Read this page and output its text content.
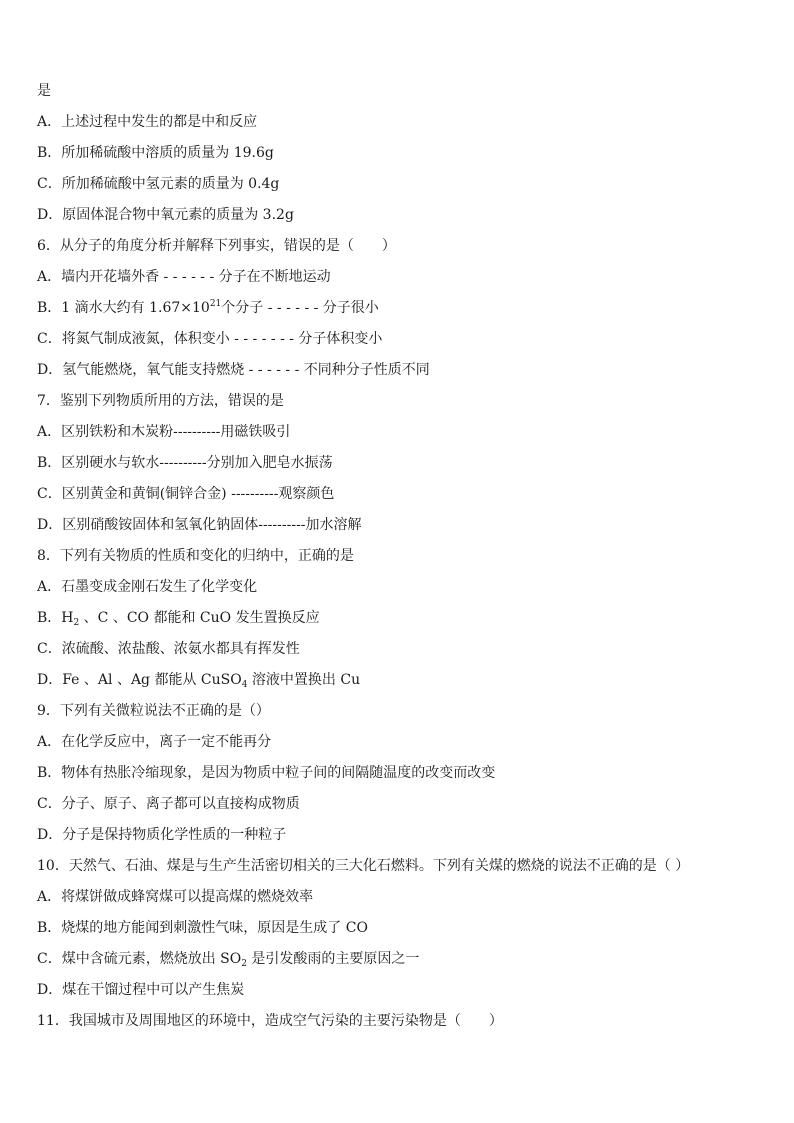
是
A．上述过程中发生的都是中和反应
B．所加稀硫酸中溶质的质量为 19.6g
C．所加稀硫酸中氢元素的质量为 0.4g
D．原固体混合物中氧元素的质量为 3.2g
6．从分子的角度分析并解释下列事实，错误的是（　　）
A．墙内开花墙外香 - - - - - - 分子在不断地运动
B．1 滴水大约有 $1.67\times 10^{21}$个分子 - - - - - - 分子很小
C．将氮气制成液氮，体积变小 - - - - - - - 分子体积变小
D．氢气能燃烧，氧气能支持燃烧 - - - - - - 不同种分子性质不同
7．鉴别下列物质所用的方法，错误的是
A．区别铁粉和木炭粉----------用磁铁吸引
B．区别硬水与软水----------分别加入肥皂水振荡
C．区别黄金和黄铜(铜锌合金) ----------观察颜色
D．区别硝酸铵固体和氢氧化钠固体----------加水溶解
8．下列有关物质的性质和变化的归纳中，正确的是
A．石墨变成金刚石发生了化学变化
B．$H_2$ 、C 、CO 都能和 CuO 发生置换反应
C．浓硫酸、浓盐酸、浓氨水都具有挥发性
D．Fe 、Al 、Ag 都能从 CuSO$_4$ 溶液中置换出 Cu
9．下列有关微粒说法不正确的是（）
A．在化学反应中，离子一定不能再分
B．物体有热胀冷缩现象，是因为物质中粒子间的间隔随温度的改变而改变
C．分子、原子、离子都可以直接构成物质
D．分子是保持物质化学性质的一种粒子
10．天然气、石油、煤是与生产生活密切相关的三大化石燃料。下列有关煤的燃烧的说法不正确的是（ ）
A．将煤饼做成蜂窝煤可以提高煤的燃烧效率
B．烧煤的地方能闻到刺激性气味，原因是生成了 CO
C．煤中含硫元素，燃烧放出 $SO_2$ 是引发酸雨的主要原因之一
D．煤在干馏过程中可以产生焦炭
11．我国城市及周围地区的环境中，造成空气污染的主要污染物是（　　）
